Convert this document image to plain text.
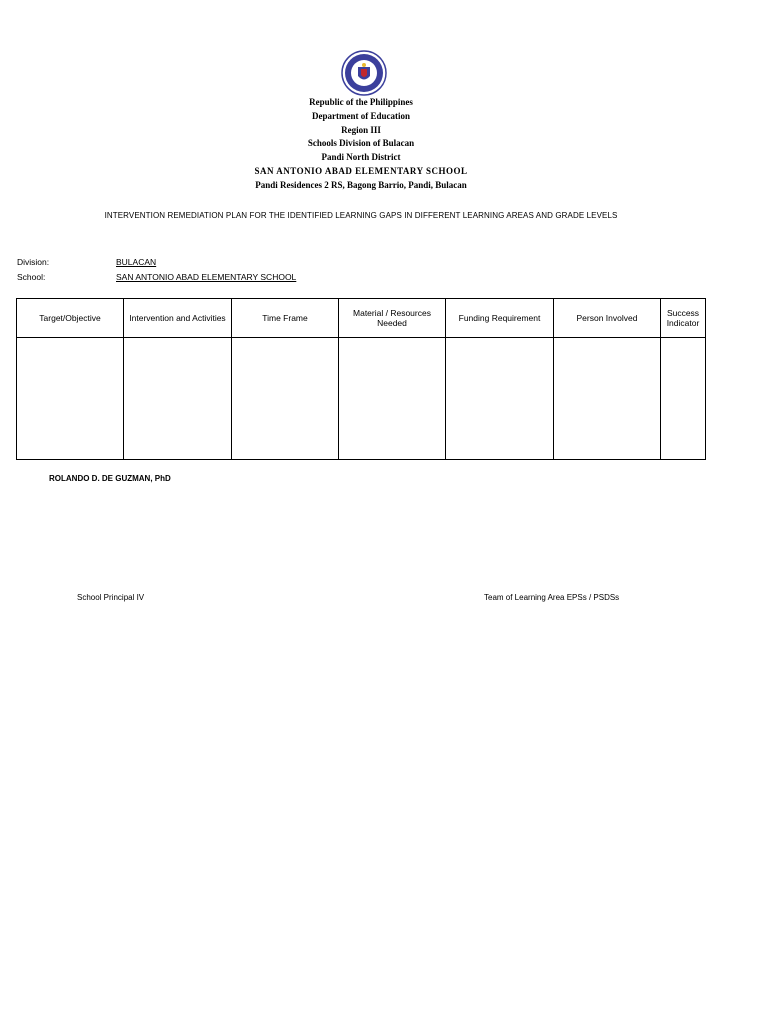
Republic of the Philippines
Department of Education
Region III
Schools Division of Bulacan
Pandi North District
SAN ANTONIO ABAD ELEMENTARY SCHOOL
Pandi Residences 2 RS, Bagong Barrio, Pandi, Bulacan
INTERVENTION REMEDIATION PLAN FOR THE IDENTIFIED LEARNING GAPS IN DIFFERENT LEARNING AREAS AND GRADE LEVELS
Division:	BULACAN
School:	SAN ANTONIO ABAD ELEMENTARY SCHOOL
Target/Objective	Intervention and Activities	Time Frame	Material / Resources Needed	Funding Requirement	Person Involved	Success Indicator

ROLANDO D. DE GUZMAN, PhD
School Principal IV	Team of Learning Area EPSs / PSDSs
